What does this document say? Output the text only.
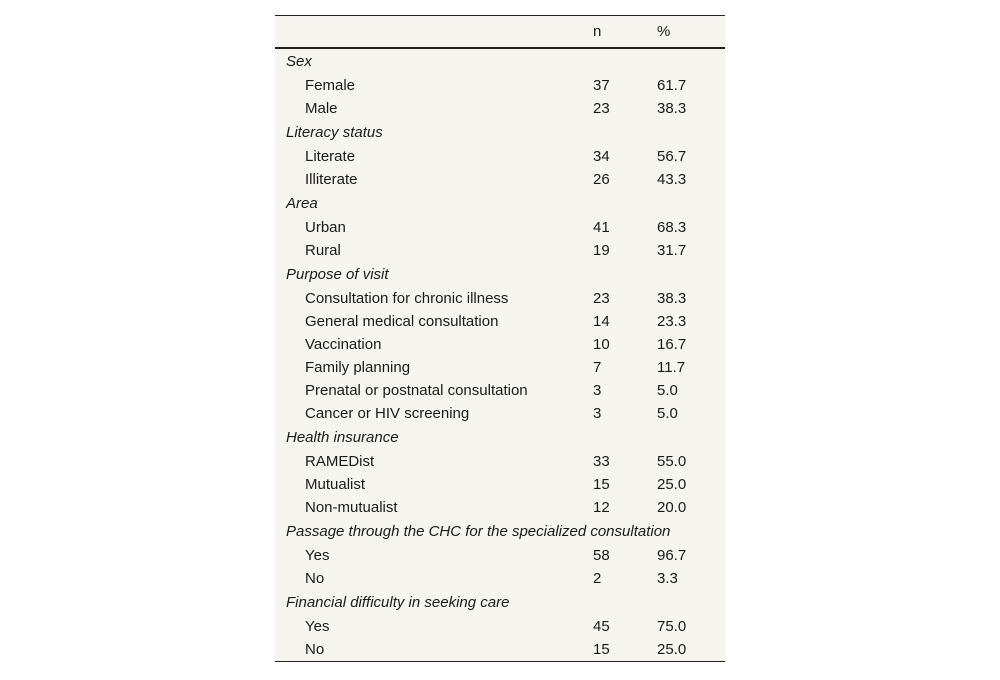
	n	%
Sex		
Female	37	61.7
Male	23	38.3
Literacy status		
Literate	34	56.7
Illiterate	26	43.3
Area		
Urban	41	68.3
Rural	19	31.7
Purpose of visit		
Consultation for chronic illness	23	38.3
General medical consultation	14	23.3
Vaccination	10	16.7
Family planning	7	11.7
Prenatal or postnatal consultation	3	5.0
Cancer or HIV screening	3	5.0
Health insurance		
RAMEDist	33	55.0
Mutualist	15	25.0
Non-mutualist	12	20.0
Passage through the CHC for the specialized consultation		
Yes	58	96.7
No	2	3.3
Financial difficulty in seeking care		
Yes	45	75.0
No	15	25.0
